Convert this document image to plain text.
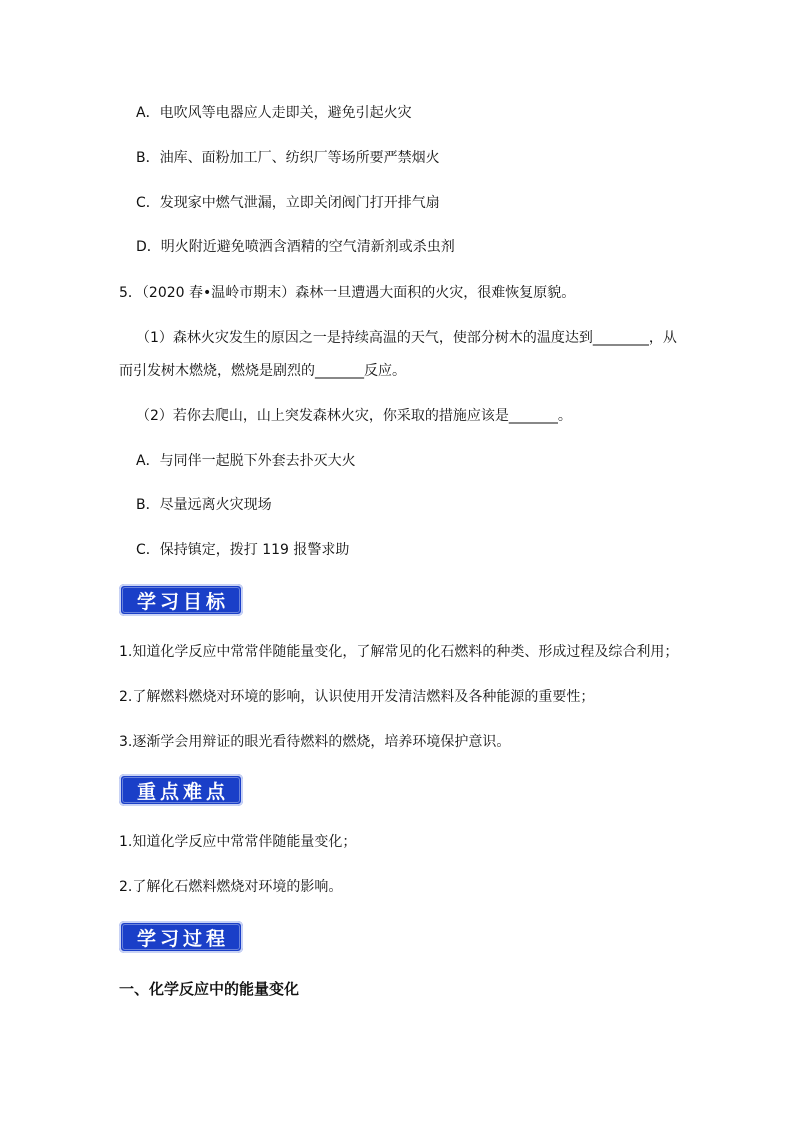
A．电吹风等电器应人走即关，避免引起火灾
B．油库、面粉加工厂、纺织厂等场所要严禁烟火
C．发现家中燃气泄漏，立即关闭阀门打开排气扇
D．明火附近避免喷洒含酒精的空气清新剂或杀虫剂
5．（2020 春•温岭市期末）森林一旦遭遇大面积的火灾，很难恢复原貌。
（1）森林火灾发生的原因之一是持续高温的天气，使部分树木的温度达到________，从
而引发树木燃烧，燃烧是剧烈的_______反应。
（2）若你去爬山，山上突发森林火灾，你采取的措施应该是_______。
A．与同伴一起脱下外套去扑灭大火
B．尽量远离火灾现场
C．保持镇定，拨打 119 报警求助
学习目标
1.知道化学反应中常常伴随能量变化，了解常见的化石燃料的种类、形成过程及综合利用；
2.了解燃料燃烧对环境的影响，认识使用开发清洁燃料及各种能源的重要性；
3.逐渐学会用辩证的眼光看待燃料的燃烧，培养环境保护意识。
重点难点
1.知道化学反应中常常伴随能量变化；
2.了解化石燃料燃烧对环境的影响。
学习过程
一、化学反应中的能量变化
